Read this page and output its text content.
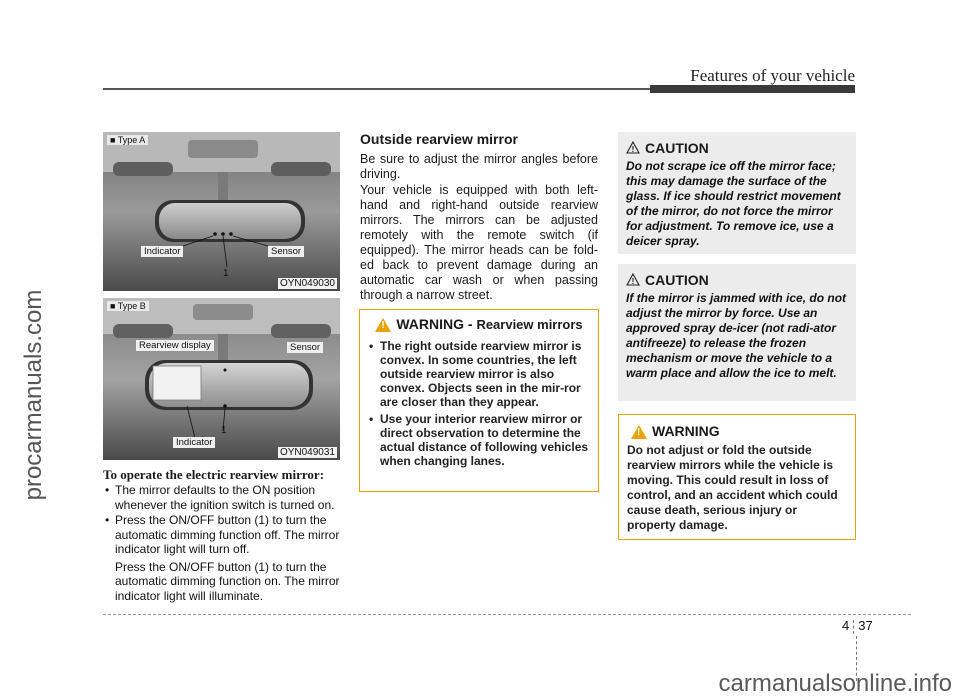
Features of your vehicle
procarmanuals.com
■ Type A
Indicator	Sensor
1
OYN049030
■ Type B
Rearview display	Sensor
Indicator
1
OYN049031
To operate the electric rearview mirror:
• The mirror defaults to the ON position whenever the ignition switch is turned on.
• Press the ON/OFF button (1) to turn the automatic dimming function off. The mirror indicator light will turn off.
Press the ON/OFF button (1) to turn the automatic dimming function on. The mirror indicator light will illuminate.
Outside rearview mirror
Be sure to adjust the mirror angles before driving.
Your vehicle is equipped with both left-hand and right-hand outside rearview mirrors. The mirrors can be adjusted remotely with the remote switch (if equipped). The mirror heads can be fold-ed back to prevent damage during an automatic car wash or when passing through a narrow street.
!
WARNING - Rearview mirrors
• The right outside rearview mirror is convex. In some countries, the left outside rearview mirror is also convex. Objects seen in the mir-ror are closer than they appear.
• Use your interior rearview mirror or direct observation to determine the actual distance of following vehicles when changing lanes.
! CAUTION
Do not scrape ice off the mirror face; this may damage the surface of the glass. If ice should restrict movement of the mirror, do not force the mirror for adjustment. To remove ice, use a deicer spray.
! CAUTION
If the mirror is jammed with ice, do not adjust the mirror by force. Use an approved spray de-icer (not radi-ator antifreeze) to release the frozen mechanism or move the vehicle to a warm place and allow the ice to melt.
!
WARNING
Do not adjust or fold the outside rearview mirrors while the vehicle is moving. This could result in loss of control, and an accident which could cause death, serious injury or property damage.
4 37
carmanualsonline.info
